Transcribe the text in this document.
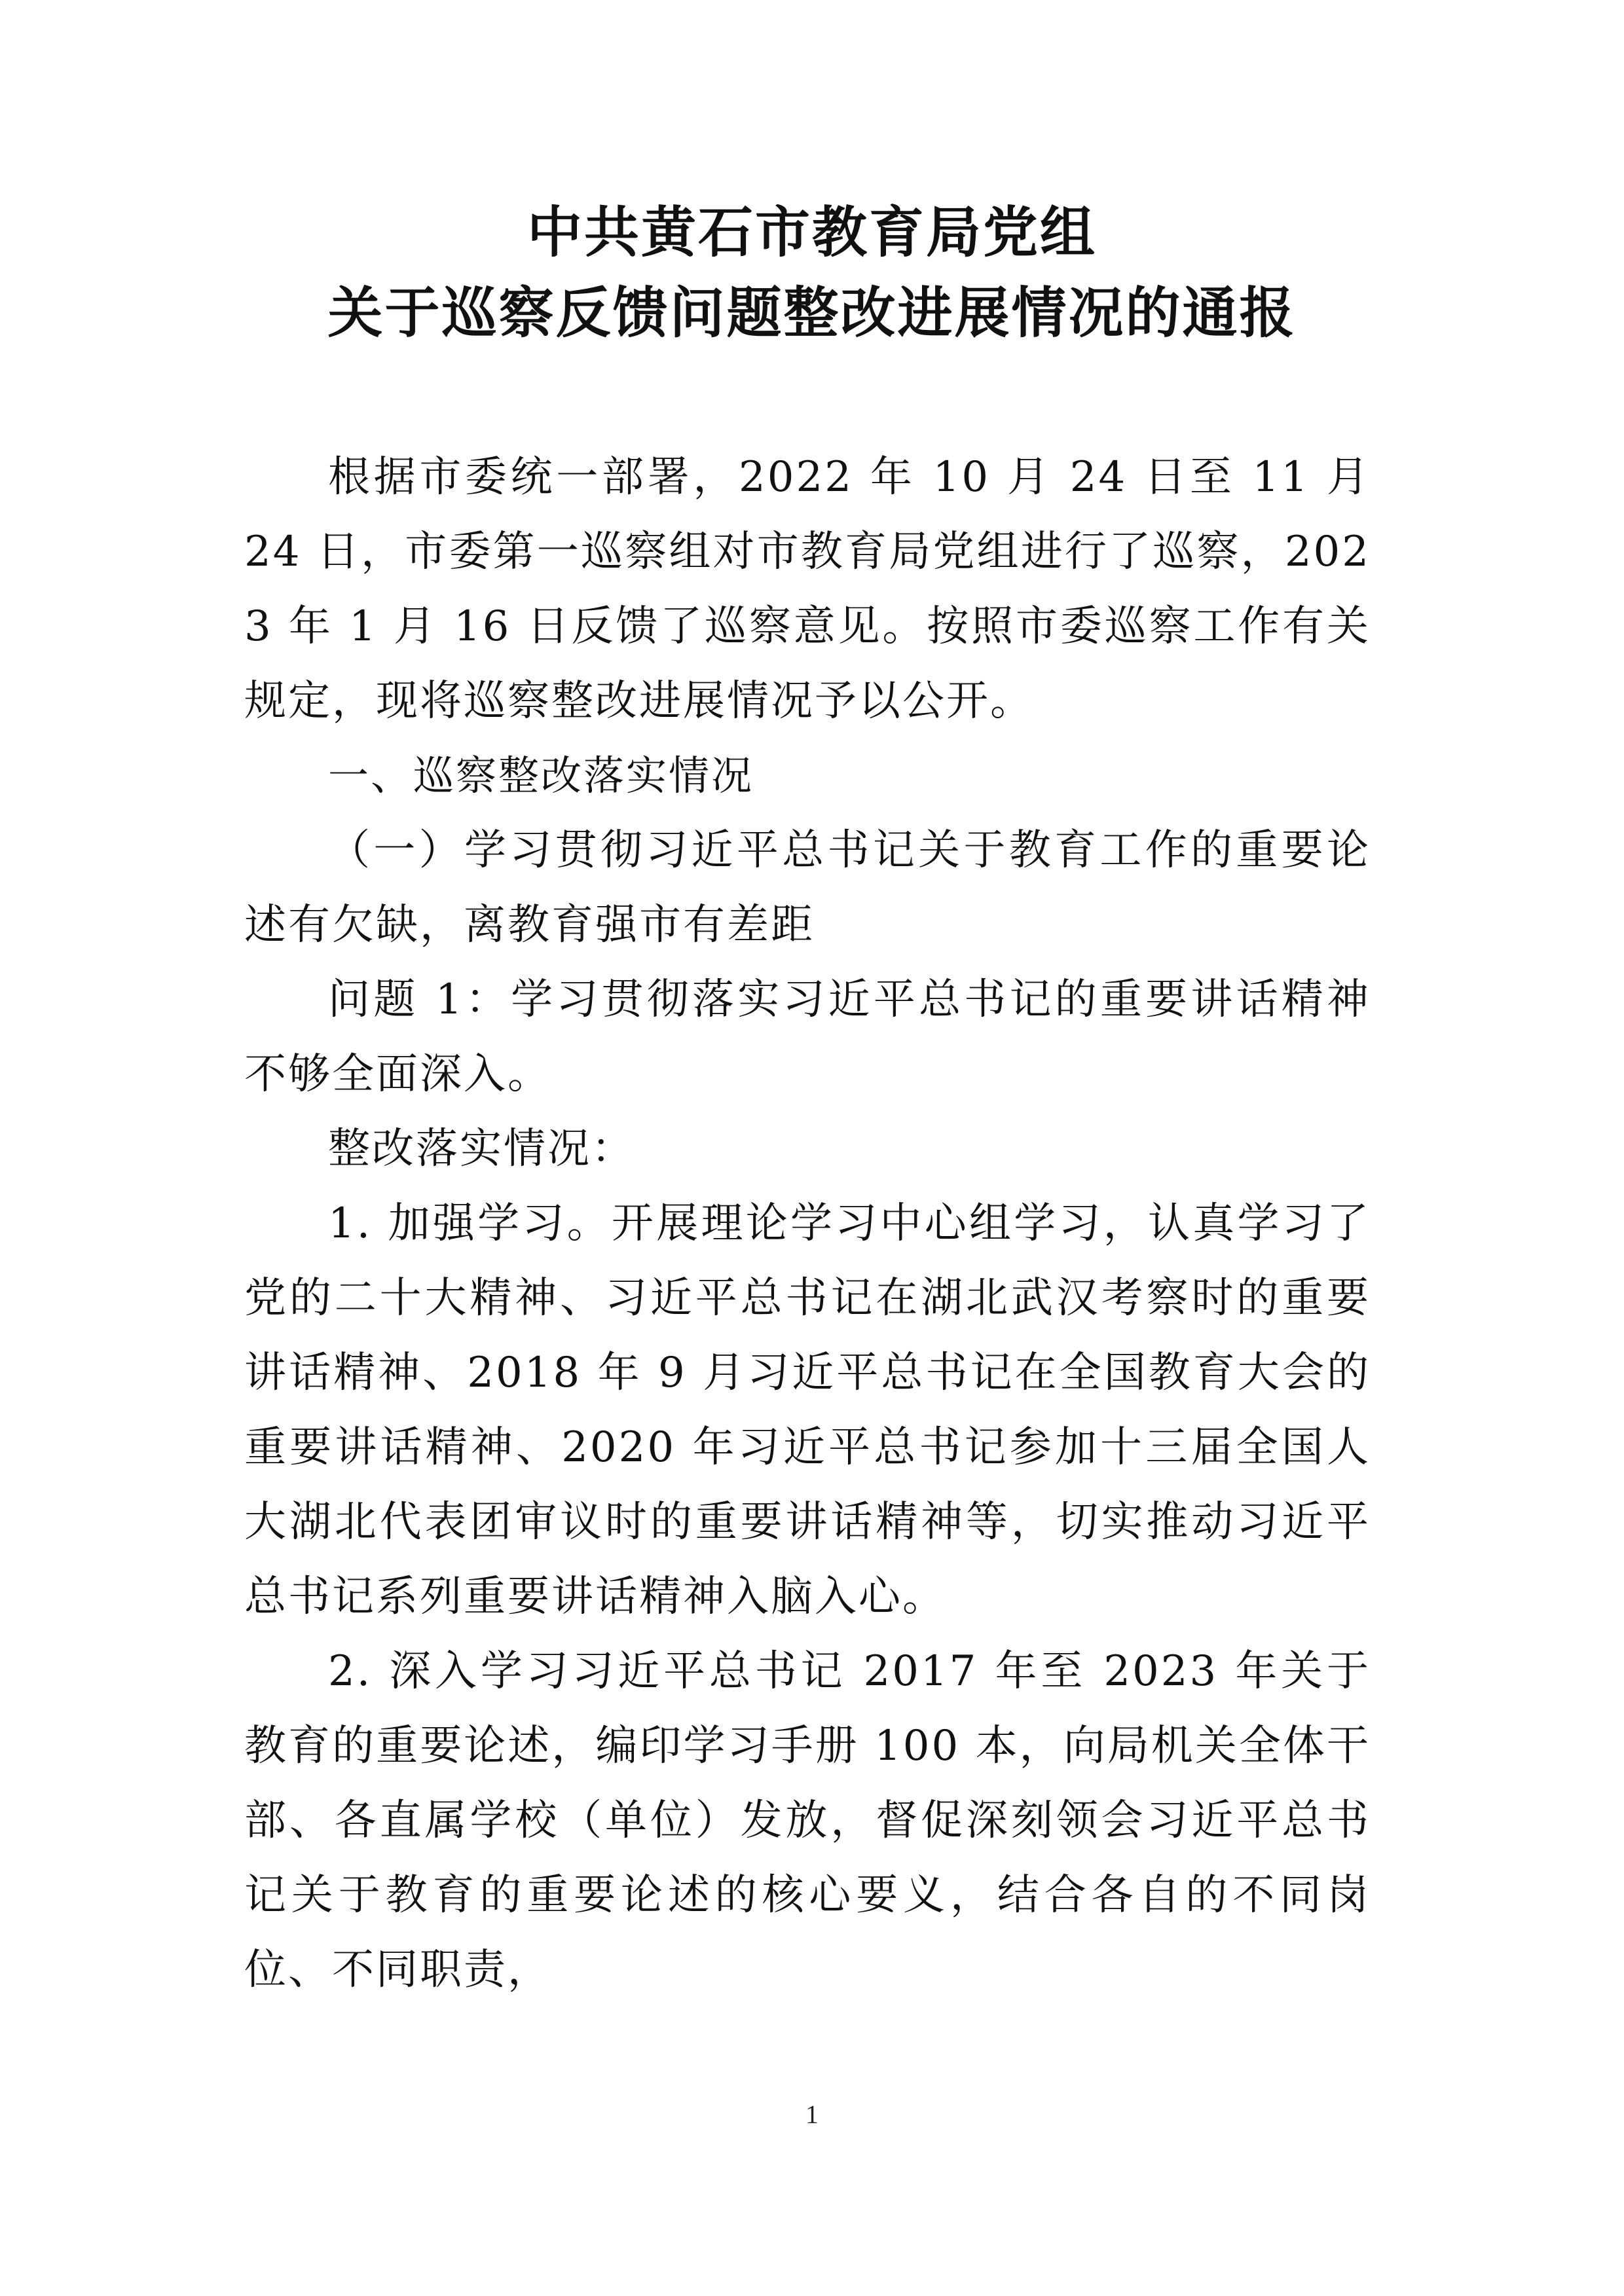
中共黄石市教育局党组
关于巡察反馈问题整改进展情况的通报

根据市委统一部署，2022 年 10 月 24 日至 11 月 24 日，市委第一巡察组对市教育局党组进行了巡察，2023 年 1 月 16 日反馈了巡察意见。按照市委巡察工作有关规定，现将巡察整改进展情况予以公开。

一、巡察整改落实情况

（一）学习贯彻习近平总书记关于教育工作的重要论述有欠缺，离教育强市有差距

问题 1：学习贯彻落实习近平总书记的重要讲话精神不够全面深入。

整改落实情况：

1. 加强学习。开展理论学习中心组学习，认真学习了党的二十大精神、习近平总书记在湖北武汉考察时的重要讲话精神、2018 年 9 月习近平总书记在全国教育大会的重要讲话精神、2020 年习近平总书记参加十三届全国人大湖北代表团审议时的重要讲话精神等，切实推动习近平总书记系列重要讲话精神入脑入心。

2. 深入学习习近平总书记 2017 年至 2023 年关于教育的重要论述，编印学习手册 100 本，向局机关全体干部、各直属学校（单位）发放，督促深刻领会习近平总书记关于教育的重要论述的核心要义，结合各自的不同岗位、不同职责，

1
